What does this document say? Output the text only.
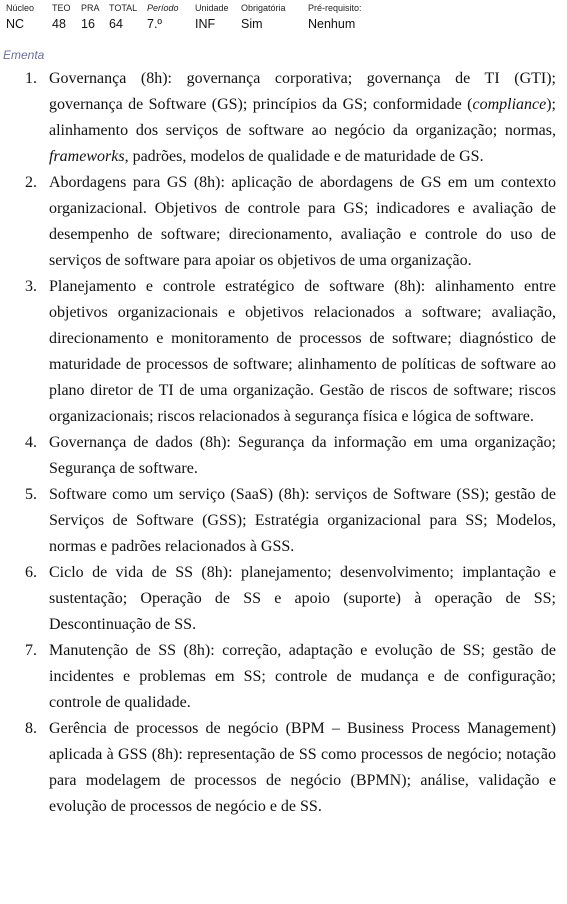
Núcleo
NC
TEO
48
PRA
16
TOTAL
64
Período
7.º
Unidade
INF
Obrigatória
Sim
Pré-requisito:
Nenhum
Ementa
1. Governança (8h): governança corporativa; governança de TI (GTI); governança de Software (GS); princípios da GS; conformidade (compliance); alinhamento dos serviços de software ao negócio da organização; normas, frameworks, padrões, modelos de qualidade e de maturidade de GS.
2. Abordagens para GS (8h): aplicação de abordagens de GS em um contexto organizacional. Objetivos de controle para GS; indicadores e avaliação de desempenho de software; direcionamento, avaliação e controle do uso de serviços de software para apoiar os objetivos de uma organização.
3. Planejamento e controle estratégico de software (8h): alinhamento entre objetivos organizacionais e objetivos relacionados a software; avaliação, direcionamento e monitoramento de processos de software; diagnóstico de maturidade de processos de software; alinhamento de políticas de software ao plano diretor de TI de uma organização. Gestão de riscos de software; riscos organizacionais; riscos relacionados à segurança física e lógica de software.
4. Governança de dados (8h): Segurança da informação em uma organização; Segurança de software.
5. Software como um serviço (SaaS) (8h): serviços de Software (SS); gestão de Serviços de Software (GSS); Estratégia organizacional para SS; Modelos, normas e padrões relacionados à GSS.
6. Ciclo de vida de SS (8h): planejamento; desenvolvimento; implantação e sustentação; Operação de SS e apoio (suporte) à operação de SS; Descontinuação de SS.
7. Manutenção de SS (8h): correção, adaptação e evolução de SS; gestão de incidentes e problemas em SS; controle de mudança e de configuração; controle de qualidade.
8. Gerência de processos de negócio (BPM – Business Process Management) aplicada à GSS (8h): representação de SS como processos de negócio; notação para modelagem de processos de negócio (BPMN); análise, validação e evolução de processos de negócio e de SS.
